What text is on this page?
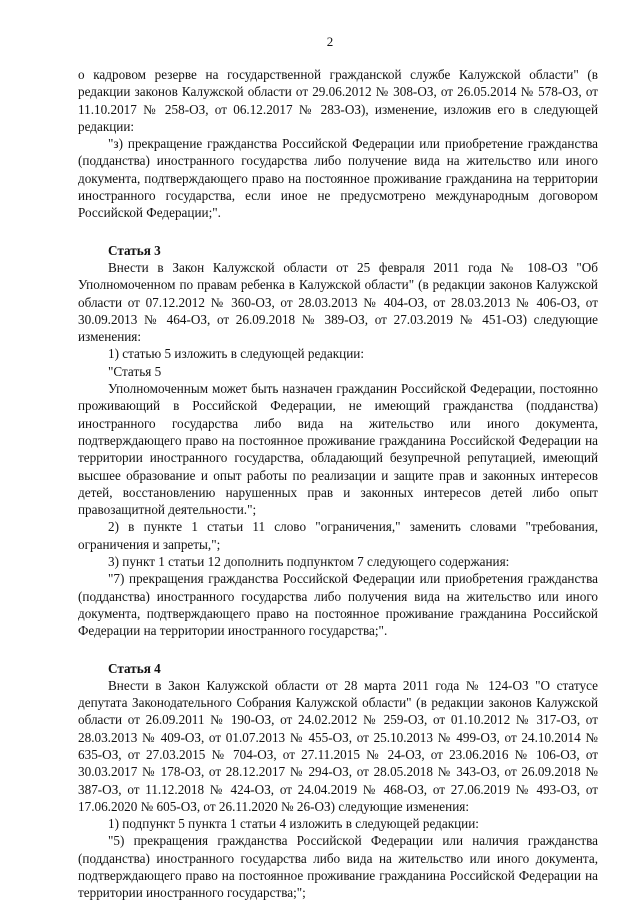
2

о кадровом резерве на государственной гражданской службе Калужской области" (в редакции законов Калужской области от 29.06.2012 № 308-ОЗ, от 26.05.2014 № 578-ОЗ, от 11.10.2017 № 258-ОЗ, от 06.12.2017 № 283-ОЗ), изменение, изложив его в следующей редакции:

"з) прекращение гражданства Российской Федерации или приобретение гражданства (подданства) иностранного государства либо получение вида на жительство или иного документа, подтверждающего право на постоянное проживание гражданина на территории иностранного государства, если иное не предусмотрено международным договором Российской Федерации;".

Статья 3

Внести в Закон Калужской области от 25 февраля 2011 года № 108-ОЗ "Об Уполномоченном по правам ребенка в Калужской области" (в редакции законов Калужской области от 07.12.2012 № 360-ОЗ, от 28.03.2013 № 404-ОЗ, от 28.03.2013 № 406-ОЗ, от 30.09.2013 № 464-ОЗ, от 26.09.2018 № 389-ОЗ, от 27.03.2019 № 451-ОЗ) следующие изменения:

1) статью 5 изложить в следующей редакции:

"Статья 5

Уполномоченным может быть назначен гражданин Российской Федерации, постоянно проживающий в Российской Федерации, не имеющий гражданства (подданства) иностранного государства либо вида на жительство или иного документа, подтверждающего право на постоянное проживание гражданина Российской Федерации на территории иностранного государства, обладающий безупречной репутацией, имеющий высшее образование и опыт работы по реализации и защите прав и законных интересов детей, восстановлению нарушенных прав и законных интересов детей либо опыт правозащитной деятельности.";

2) в пункте 1 статьи 11 слово "ограничения," заменить словами "требования, ограничения и запреты,";

3) пункт 1 статьи 12 дополнить подпунктом 7 следующего содержания:

"7) прекращения гражданства Российской Федерации или приобретения гражданства (подданства) иностранного государства либо получения вида на жительство или иного документа, подтверждающего право на постоянное проживание гражданина Российской Федерации на территории иностранного государства;".

Статья 4

Внести в Закон Калужской области от 28 марта 2011 года № 124-ОЗ "О статусе депутата Законодательного Собрания Калужской области" (в редакции законов Калужской области от 26.09.2011 № 190-ОЗ, от 24.02.2012 № 259-ОЗ, от 01.10.2012 № 317-ОЗ, от 28.03.2013 № 409-ОЗ, от 01.07.2013 № 455-ОЗ, от 25.10.2013 № 499-ОЗ, от 24.10.2014 № 635-ОЗ, от 27.03.2015 № 704-ОЗ, от 27.11.2015 № 24-ОЗ, от 23.06.2016 № 106-ОЗ, от 30.03.2017 № 178-ОЗ, от 28.12.2017 № 294-ОЗ, от 28.05.2018 № 343-ОЗ, от 26.09.2018 № 387-ОЗ, от 11.12.2018 № 424-ОЗ, от 24.04.2019 № 468-ОЗ, от 27.06.2019 № 493-ОЗ, от 17.06.2020 № 605-ОЗ, от 26.11.2020 № 26-ОЗ) следующие изменения:

1) подпункт 5 пункта 1 статьи 4 изложить в следующей редакции:

"5) прекращения гражданства Российской Федерации или наличия гражданства (подданства) иностранного государства либо вида на жительство или иного документа, подтверждающего право на постоянное проживание гражданина Российской Федерации на территории иностранного государства;";
